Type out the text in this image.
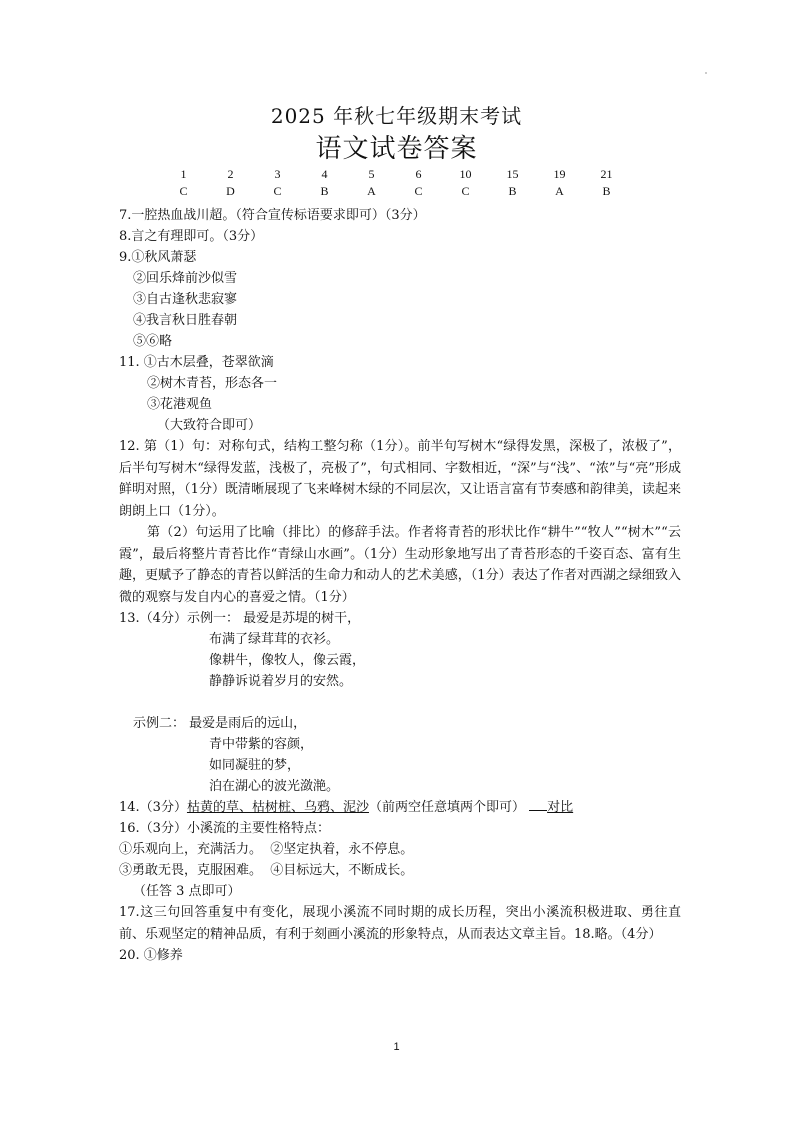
2025 年秋七年级期末考试
语文试卷答案
1	2	3	4	5	6	10	15	19	21
C	D	C	B	A	C	C	B	A	B
7.一腔热血战川超。（符合宣传标语要求即可）（3分）
8.言之有理即可。（3分）
9.①秋风萧瑟
②回乐烽前沙似雪
③自古逢秋悲寂寥
④我言秋日胜春朝
⑤⑥略
11. ①古木层叠，苍翠欲滴
②树木青苔，形态各一
③花港观鱼
（大致符合即可）
12. 第（1）句：对称句式，结构工整匀称（1分）。前半句写树木“绿得发黑，深极了，浓极了”，后半句写树木“绿得发蓝，浅极了，亮极了”，句式相同、字数相近，“深”与“浅”、“浓”与“亮”形成鲜明对照，（1分）既清晰展现了飞来峰树木绿的不同层次，又让语言富有节奏感和韵律美，读起来朗朗上口（1分）。
第（2）句运用了比喻（排比）的修辞手法。作者将青苔的形状比作“耕牛”“牧人”“树木”“云霞”，最后将整片青苔比作“青绿山水画”。（1分）生动形象地写出了青苔形态的千姿百态、富有生趣，更赋予了静态的青苔以鲜活的生命力和动人的艺术美感，（1分）表达了作者对西湖之绿细致入微的观察与发自内心的喜爱之情。（1分）
13.（4分）示例一： 最爱是苏堤的树干，
布满了绿茸茸的衣衫。
像耕牛，像牧人，像云霞，
静静诉说着岁月的安然。
示例二： 最爱是雨后的远山，
青中带紫的容颜，
如同凝驻的梦，
泊在湖心的波光潋滟。
14.（3分）枯黄的草、枯树桩、乌鸦、泥沙（前两空任意填两个即可） 对比
16.（3分）小溪流的主要性格特点：
①乐观向上，充满活力。  ②坚定执着，永不停息。
③勇敢无畏，克服困难。  ④目标远大，不断成长。
（任答 3 点即可）
17.这三句回答重复中有变化，展现小溪流不同时期的成长历程，突出小溪流积极进取、勇往直前、乐观坚定的精神品质，有利于刻画小溪流的形象特点，从而表达文章主旨。18.略。（4分）
20. ①修养
1
